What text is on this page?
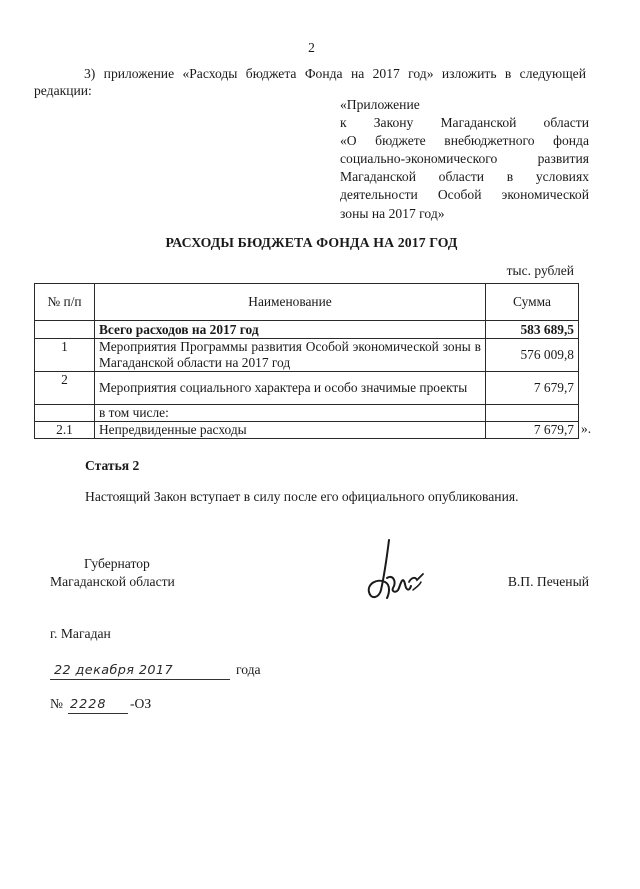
2

3) приложение «Расходы бюджета Фонда на 2017 год» изложить в следующей редакции:

«Приложение
к Закону Магаданской области
«О бюджете внебюджетного фонда
социально-экономического развития
Магаданской области в условиях
деятельности Особой экономической
зоны на 2017 год»
РАСХОДЫ БЮДЖЕТА ФОНДА НА 2017 ГОД
тыс. рублей
№ п/п	Наименование	Сумма
	Всего расходов на 2017 год	583 689,5
1	Мероприятия Программы развития Особой экономической зоны в Магаданской области на 2017 год	576 009,8
2	Мероприятия социального характера и особо значимые проекты	7 679,7
	в том числе:	
2.1	Непредвиденные расходы	7 679,7 ».
Статья 2
Настоящий Закон вступает в силу после его официального опубликования.
Губернатор
Магаданской области	В.П. Печеный
г. Магадан
22 декабря 2017	года
№ 2228	-ОЗ
